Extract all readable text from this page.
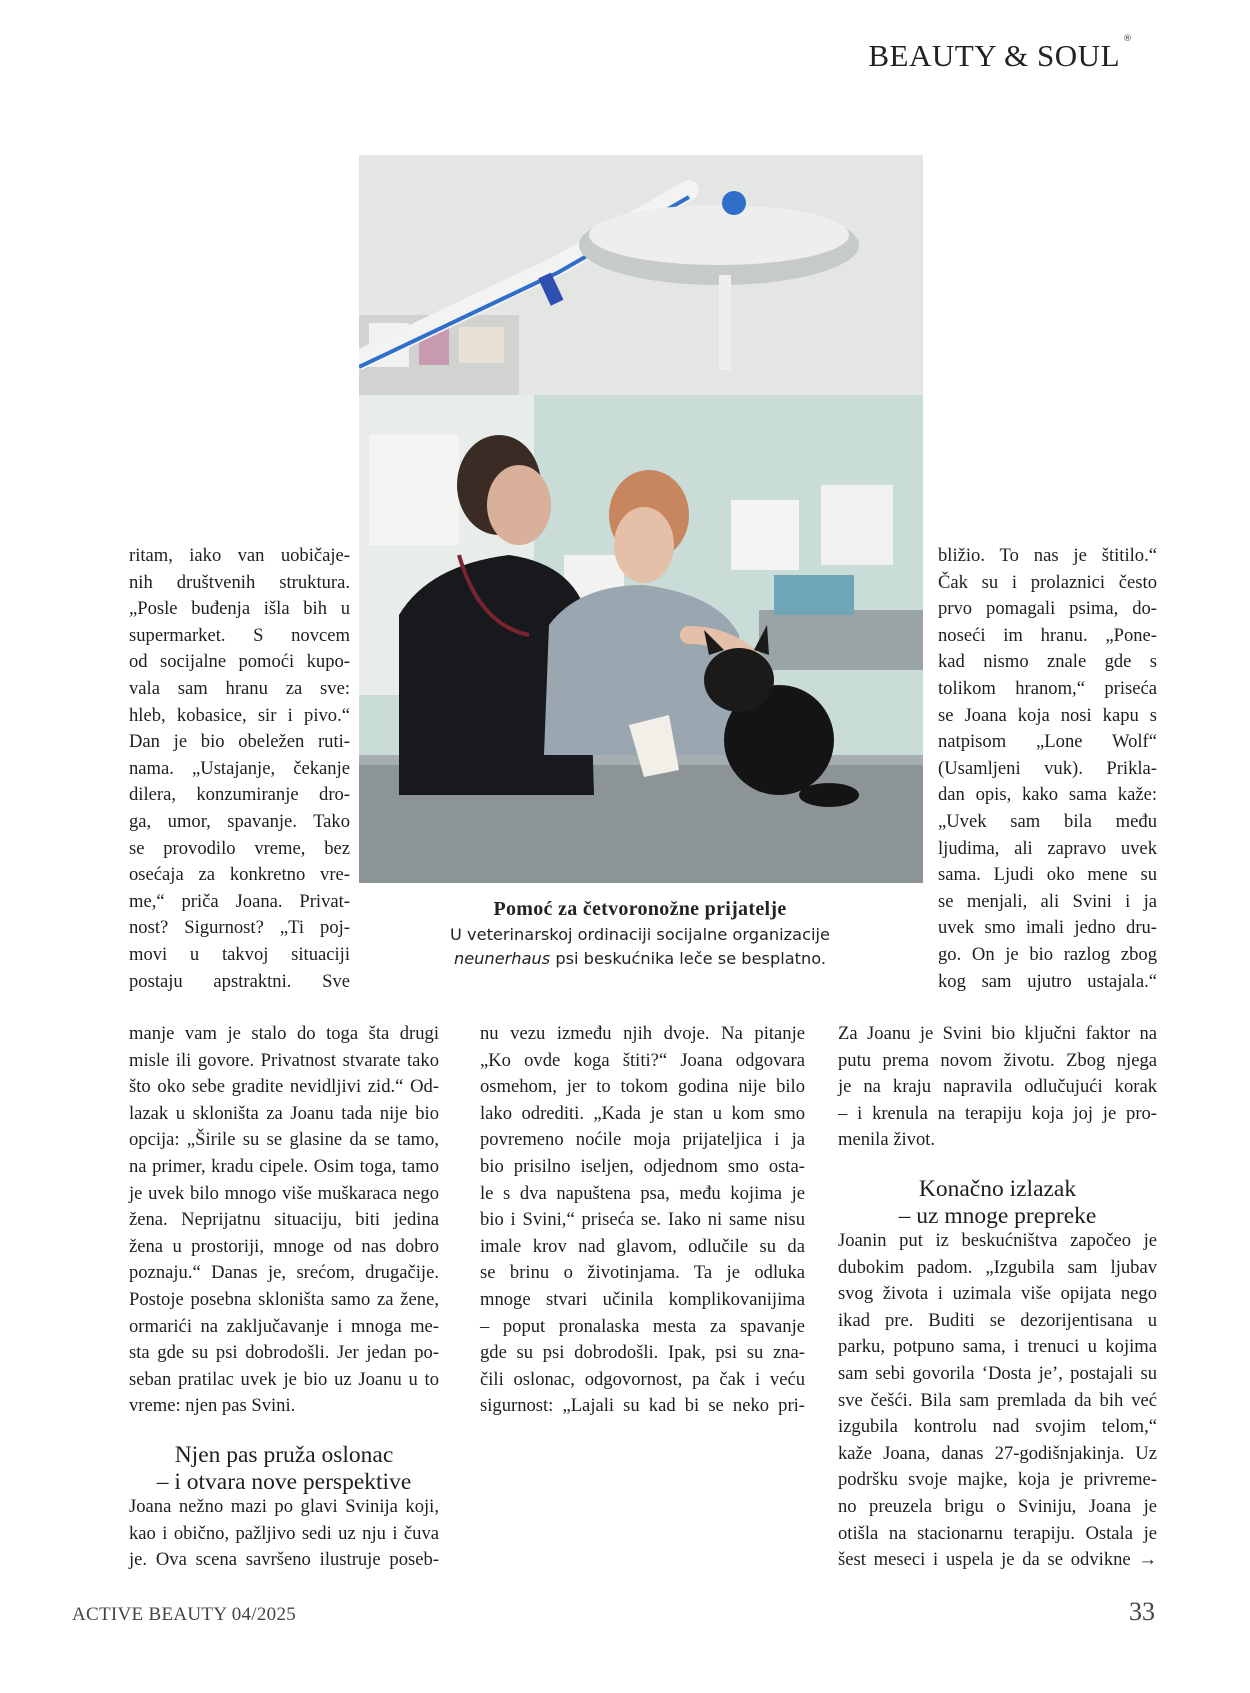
BEAUTY & SOUL ®
Pomoć za četvoronožne prijatelje
U veterinarskoj ordinaciji socijalne organizacije
neunerhaus psi beskućnika leče se besplatno.
ritam, iako van uobičaje-
nih društvenih struktura.
„Posle buđenja išla bih u
supermarket. S novcem
od socijalne pomoći kupo-
vala sam hranu za sve:
hleb, kobasice, sir i pivo.“
Dan je bio obeležen ruti-
nama. „Ustajanje, čekanje
dilera, konzumiranje dro-
ga, umor, spavanje. Tako
se provodilo vreme, bez
osećaja za konkretno vre-
me,“ priča Joana. Privat-
nost? Sigurnost? „Ti poj-
movi u takvoj situaciji
postaju apstraktni. Sve
manje vam je stalo do toga šta drugi
misle ili govore. Privatnost stvarate tako
što oko sebe gradite nevidljivi zid.“ Od-
lazak u skloništa za Joanu tada nije bio
opcija: „Širile su se glasine da se tamo,
na primer, kradu cipele. Osim toga, tamo
je uvek bilo mnogo više muškaraca nego
žena. Neprijatnu situaciju, biti jedina
žena u prostoriji, mnoge od nas dobro
poznaju.“ Danas je, srećom, drugačije.
Postoje posebna skloništa samo za žene,
ormarići na zaključavanje i mnoga me-
sta gde su psi dobrodošli. Jer jedan po-
seban pratilac uvek je bio uz Joanu u to
vreme: njen pas Svini.

Njen pas pruža oslonac

– i otvara nove perspektive

Joana nežno mazi po glavi Svinija koji,
kao i obično, pažljivo sedi uz nju i čuva
je. Ova scena savršeno ilustruje poseb-
nu vezu između njih dvoje. Na pitanje
„Ko ovde koga štiti?“ Joana odgovara
osmehom, jer to tokom godina nije bilo
lako odrediti. „Kada je stan u kom smo
povremeno noćile moja prijateljica i ja
bio prisilno iseljen, odjednom smo osta-
le s dva napuštena psa, među kojima je
bio i Svini,“ priseća se. Iako ni same nisu
imale krov nad glavom, odlučile su da
se brinu o životinjama. Ta je odluka
mnoge stvari učinila komplikovanijima
– poput pronalaska mesta za spavanje
gde su psi dobrodošli. Ipak, psi su zna-
čili oslonac, odgovornost, pa čak i veću
sigurnost: „Lajali su kad bi se neko pri-
bližio. To nas je štitilo.“
Čak su i prolaznici često
prvo pomagali psima, do-
noseći im hranu. „Pone-
kad nismo znale gde s
tolikom hranom,“ priseća
se Joana koja nosi kapu s
natpisom „Lone Wolf“
(Usamljeni vuk). Prikla-
dan opis, kako sama kaže:
„Uvek sam bila među
ljudima, ali zapravo uvek
sama. Ljudi oko mene su
se menjali, ali Svini i ja
uvek smo imali jedno dru-
go. On je bio razlog zbog
kog sam ujutro ustajala.“
Za Joanu je Svini bio ključni faktor na
putu prema novom životu. Zbog njega
je na kraju napravila odlučujući korak
– i krenula na terapiju koja joj je pro-
menila život.

Konačno izlazak

– uz mnoge prepreke

Joanin put iz beskućništva započeo je
dubokim padom. „Izgubila sam ljubav
svog života i uzimala više opijata nego
ikad pre. Buditi se dezorijentisana u
parku, potpuno sama, i trenuci u kojima
sam sebi govorila ‘Dosta je’, postajali su
sve češći. Bila sam premlada da bih već
izgubila kontrolu nad svojim telom,“
kaže Joana, danas 27-godišnjakinja. Uz
podršku svoje majke, koja je privreme-
no preuzela brigu o Sviniju, Joana je
otišla na stacionarnu terapiju. Ostala je
šest meseci i uspela je da se odvikne →
ACTIVE BEAUTY 04/2025	33
